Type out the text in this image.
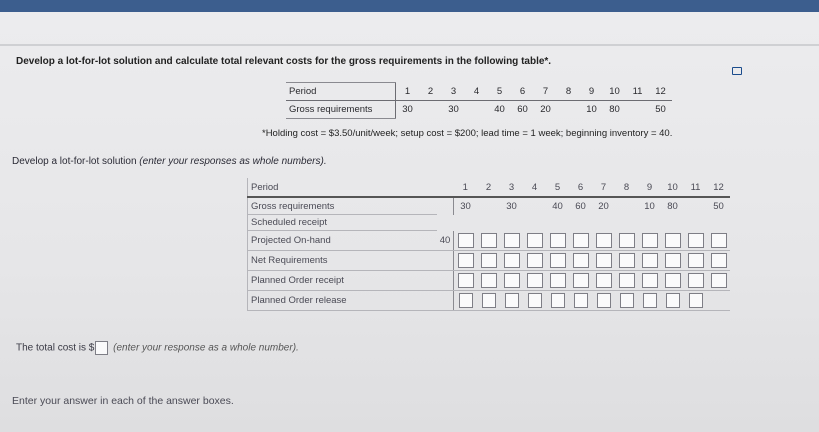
Develop a lot-for-lot solution and calculate total relevant costs for the gross requirements in the following table*.
Period	1	2	3	4	5	6	7	8	9	10	11	12
Gross requirements	30		30		40	60	20		10	80		50
*Holding cost = $3.50/unit/week; setup cost = $200; lead time = 1 week; beginning inventory = 40.
Develop a lot-for-lot solution (enter your responses as whole numbers).
Period		1	2	3	4	5	6	7	8	9	10	11	12
Gross requirements		30		30		40	60	20		10	80		50
Scheduled receipt													
Projected On-hand	40												
Net Requirements													
Planned Order receipt													
Planned Order release													
The total cost is $ (enter your response as a whole number).
Enter your answer in each of the answer boxes.
